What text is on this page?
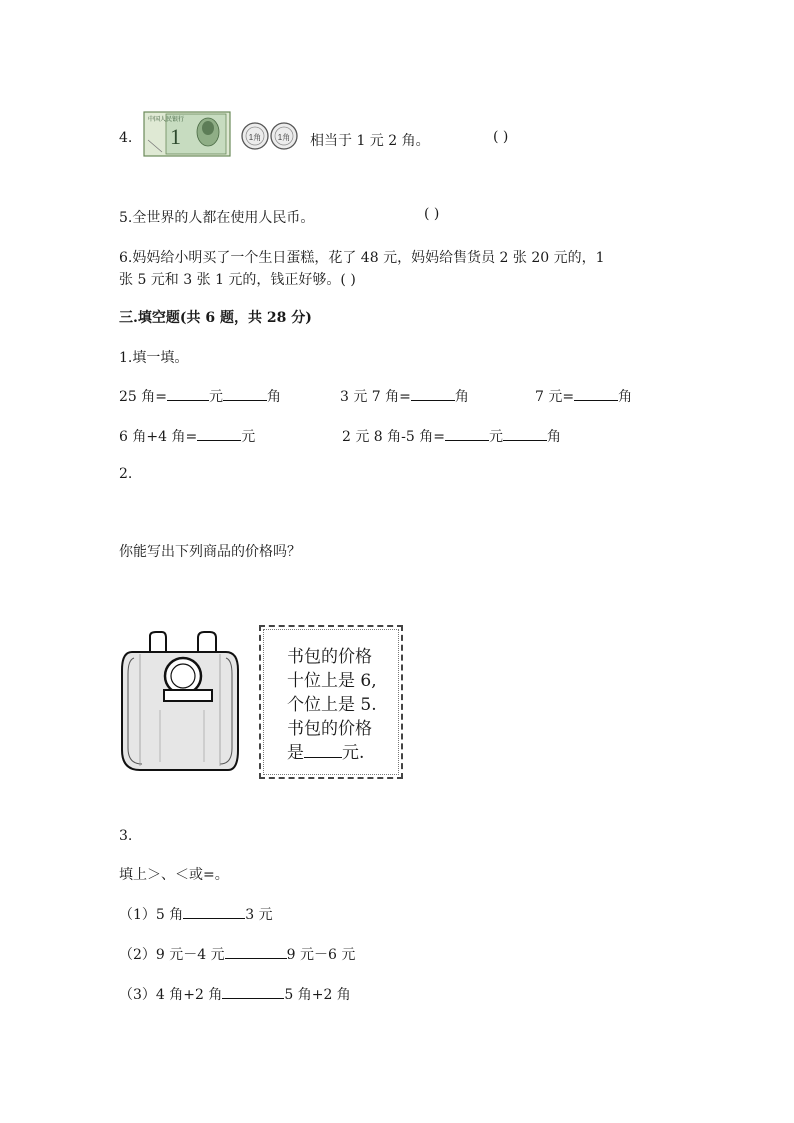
4.
中国人民银行
1	1角 1角 相当于 1 元 2 角。	( )
5.全世界的人都在使用人民币。	( )
6.妈妈给小明买了一个生日蛋糕，花了 48 元，妈妈给售货员 2 张 20 元的，1
张 5 元和 3 张 1 元的，钱正好够。( )
三.填空题(共 6 题，共 28 分)
1.填一填。
25 角=	元	角	3 元 7 角=	角	7 元=	角
6 角+4 角=	元	2 元 8 角-5 角=	元	角
2.
你能写出下列商品的价格吗？
书包的价格
十位上是 6,
个位上是 5.
书包的价格
是 元.
3.
填上＞、＜或=。
（1）5 角	3 元
（2）9 元－4 元	9 元－6 元
（3）4 角+2 角	5 角+2 角
